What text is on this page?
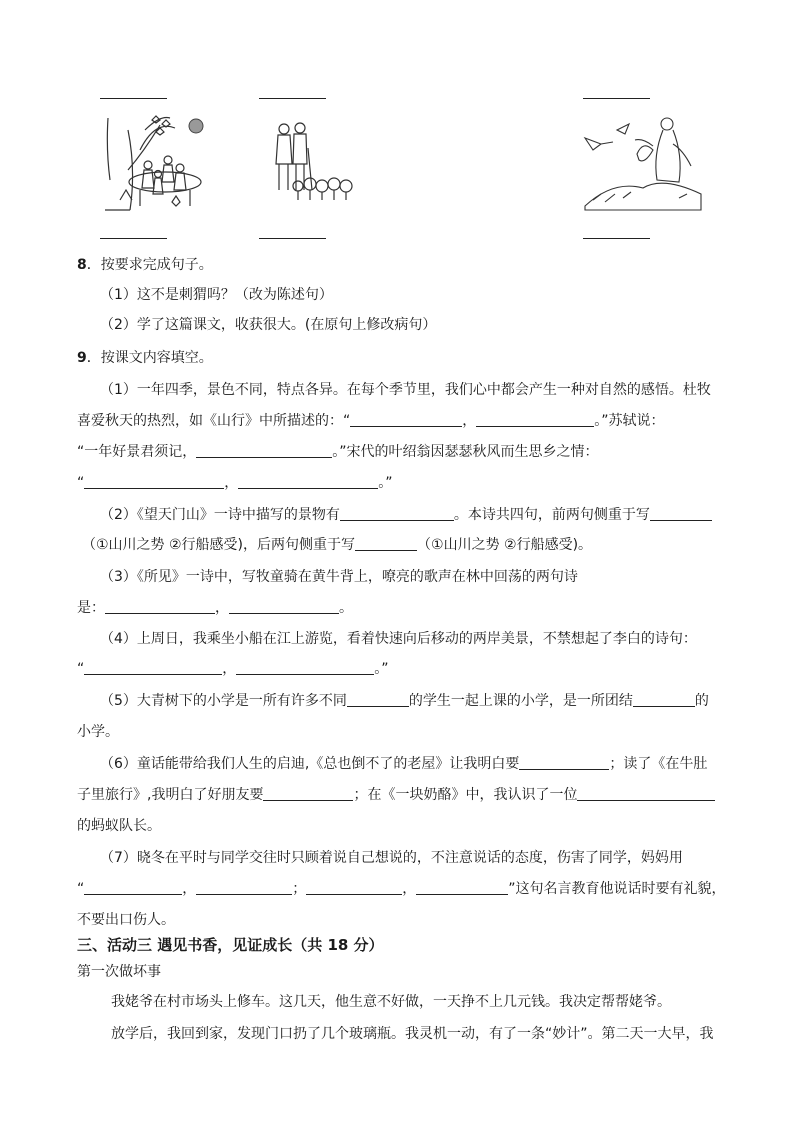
8．按要求完成句子。
（1）这不是刺猬吗？（改为陈述句）
（2）学了这篇课文，收获很大。(在原句上修改病句）
9．按课文内容填空。
（1）一年四季，景色不同，特点各异。在每个季节里，我们心中都会产生一种对自然的感悟。杜牧
喜爱秋天的热烈，如《山行》中所描述的：“	，	。”苏轼说：
“一年好景君须记，	。”宋代的叶绍翁因瑟瑟秋风而生思乡之情：
“	，	。”
（2）《望天门山》一诗中描写的景物有	。本诗共四句，前两句侧重于写
（①山川之势 ②行船感受)，后两句侧重于写	（①山川之势 ②行船感受)。
（3）《所见》一诗中，写牧童骑在黄牛背上，嘹亮的歌声在林中回荡的两句诗
是：	，	。
（4）上周日，我乘坐小船在江上游览，看着快速向后移动的两岸美景，不禁想起了李白的诗句：
“	，	。”
（5）大青树下的小学是一所有许多不同	的学生一起上课的小学，是一所团结	的
小学。
（6）童话能带给我们人生的启迪,《总也倒不了的老屋》让我明白要	；读了《在牛肚
子里旅行》,我明白了好朋友要	；在《一块奶酪》中，我认识了一位
的蚂蚁队长。
（7）晓冬在平时与同学交往时只顾着说自己想说的，不注意说话的态度，伤害了同学，妈妈用
“	，	；	，	”这句名言教育他说话时要有礼貌，
不要出口伤人。
三、活动三 遇见书香，见证成长（共 18 分）
第一次做坏事
我姥爷在村市场头上修车。这几天，他生意不好做，一天挣不上几元钱。我决定帮帮姥爷。
放学后，我回到家，发现门口扔了几个玻璃瓶。我灵机一动，有了一条“妙计”。第二天一大早，我
